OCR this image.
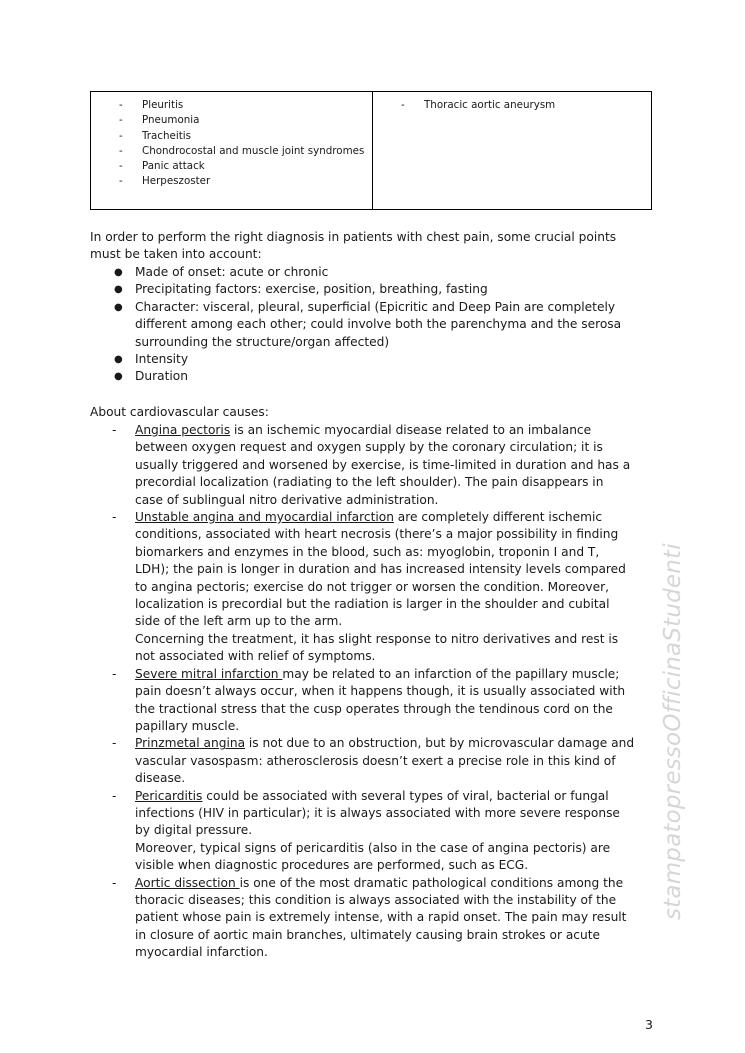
- Pleuritis
- Pneumonia
- Tracheitis
- Chondrocostal and muscle joint syndromes
- Panic attack
- Herpeszoster
- Thoracic aortic aneurysm
In order to perform the right diagnosis in patients with chest pain, some crucial points must be taken into account:
● Made of onset: acute or chronic
● Precipitating factors: exercise, position, breathing, fasting
● Character: visceral, pleural, superficial (Epicritic and Deep Pain are completely different among each other; could involve both the parenchyma and the serosa surrounding the structure/organ affected)
● Intensity
● Duration
About cardiovascular causes:
- Angina pectoris is an ischemic myocardial disease related to an imbalance between oxygen request and oxygen supply by the coronary circulation; it is usually triggered and worsened by exercise, is time-limited in duration and has a precordial localization (radiating to the left shoulder). The pain disappears in case of sublingual nitro derivative administration.
- Unstable angina and myocardial infarction are completely different ischemic conditions, associated with heart necrosis (there’s a major possibility in finding biomarkers and enzymes in the blood, such as: myoglobin, troponin I and T, LDH); the pain is longer in duration and has increased intensity levels compared to angina pectoris; exercise do not trigger or worsen the condition. Moreover, localization is precordial but the radiation is larger in the shoulder and cubital side of the left arm up to the arm.
Concerning the treatment, it has slight response to nitro derivatives and rest is not associated with relief of symptoms.
- Severe mitral infarction may be related to an infarction of the papillary muscle; pain doesn’t always occur, when it happens though, it is usually associated with the tractional stress that the cusp operates through the tendinous cord on the papillary muscle.
- Prinzmetal angina is not due to an obstruction, but by microvascular damage and vascular vasospasm: atherosclerosis doesn’t exert a precise role in this kind of disease.
- Pericarditis could be associated with several types of viral, bacterial or fungal infections (HIV in particular); it is always associated with more severe response by digital pressure.
Moreover, typical signs of pericarditis (also in the case of angina pectoris) are visible when diagnostic procedures are performed, such as ECG.
- Aortic dissection is one of the most dramatic pathological conditions among the thoracic diseases; this condition is always associated with the instability of the patient whose pain is extremely intense, with a rapid onset. The pain may result in closure of aortic main branches, ultimately causing brain strokes or acute myocardial infarction.
stampatopressoOfficinaStudenti
3
